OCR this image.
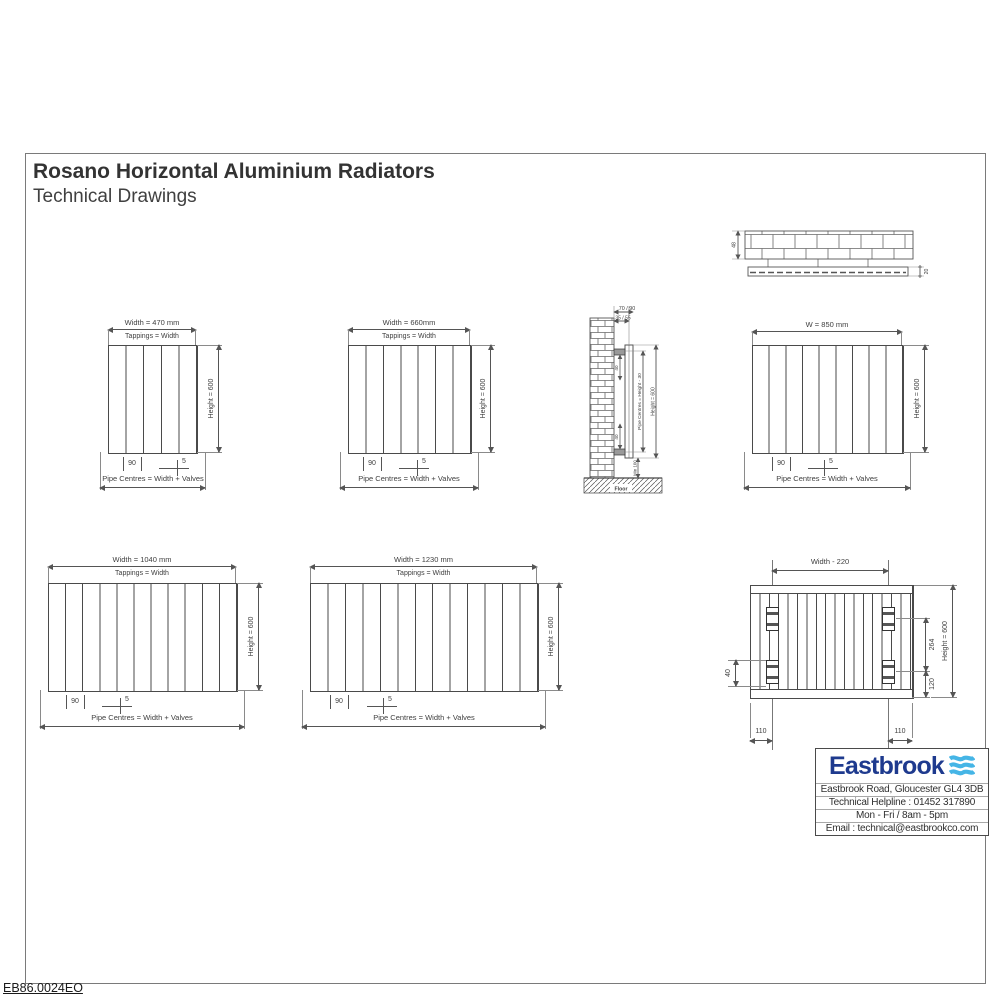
Rosano Horizontal Aluminium Radiators
Technical Drawings
48
20
Width = 470 mm
Tappings = Width
Height = 600
90	5
Pipe Centres = Width + Valves
Width = 660mm
Tappings = Width
Height = 600
90	5
Pipe Centres = Width + Valves
Floor
70 / 90
35 / 55
40
40
Pipe Centres = Height - 30 Height = 600
Min 100
W = 850 mm
Height = 600
90	5
Pipe Centres = Width + Valves
Width = 1040 mm
Tappings = Width
Height = 600
90	5
Pipe Centres = Width + Valves
Width = 1230 mm
Tappings = Width
Height = 600
90	5
Pipe Centres = Width + Valves
Width - 220
40
264
120
Height = 600
110	110
Eastbrook
Eastbrook Road, Gloucester GL4 3DB
Technical Helpline : 01452 317890
Mon - Fri / 8am - 5pm
Email : technical@eastbrookco.com
EB86.0024EO
